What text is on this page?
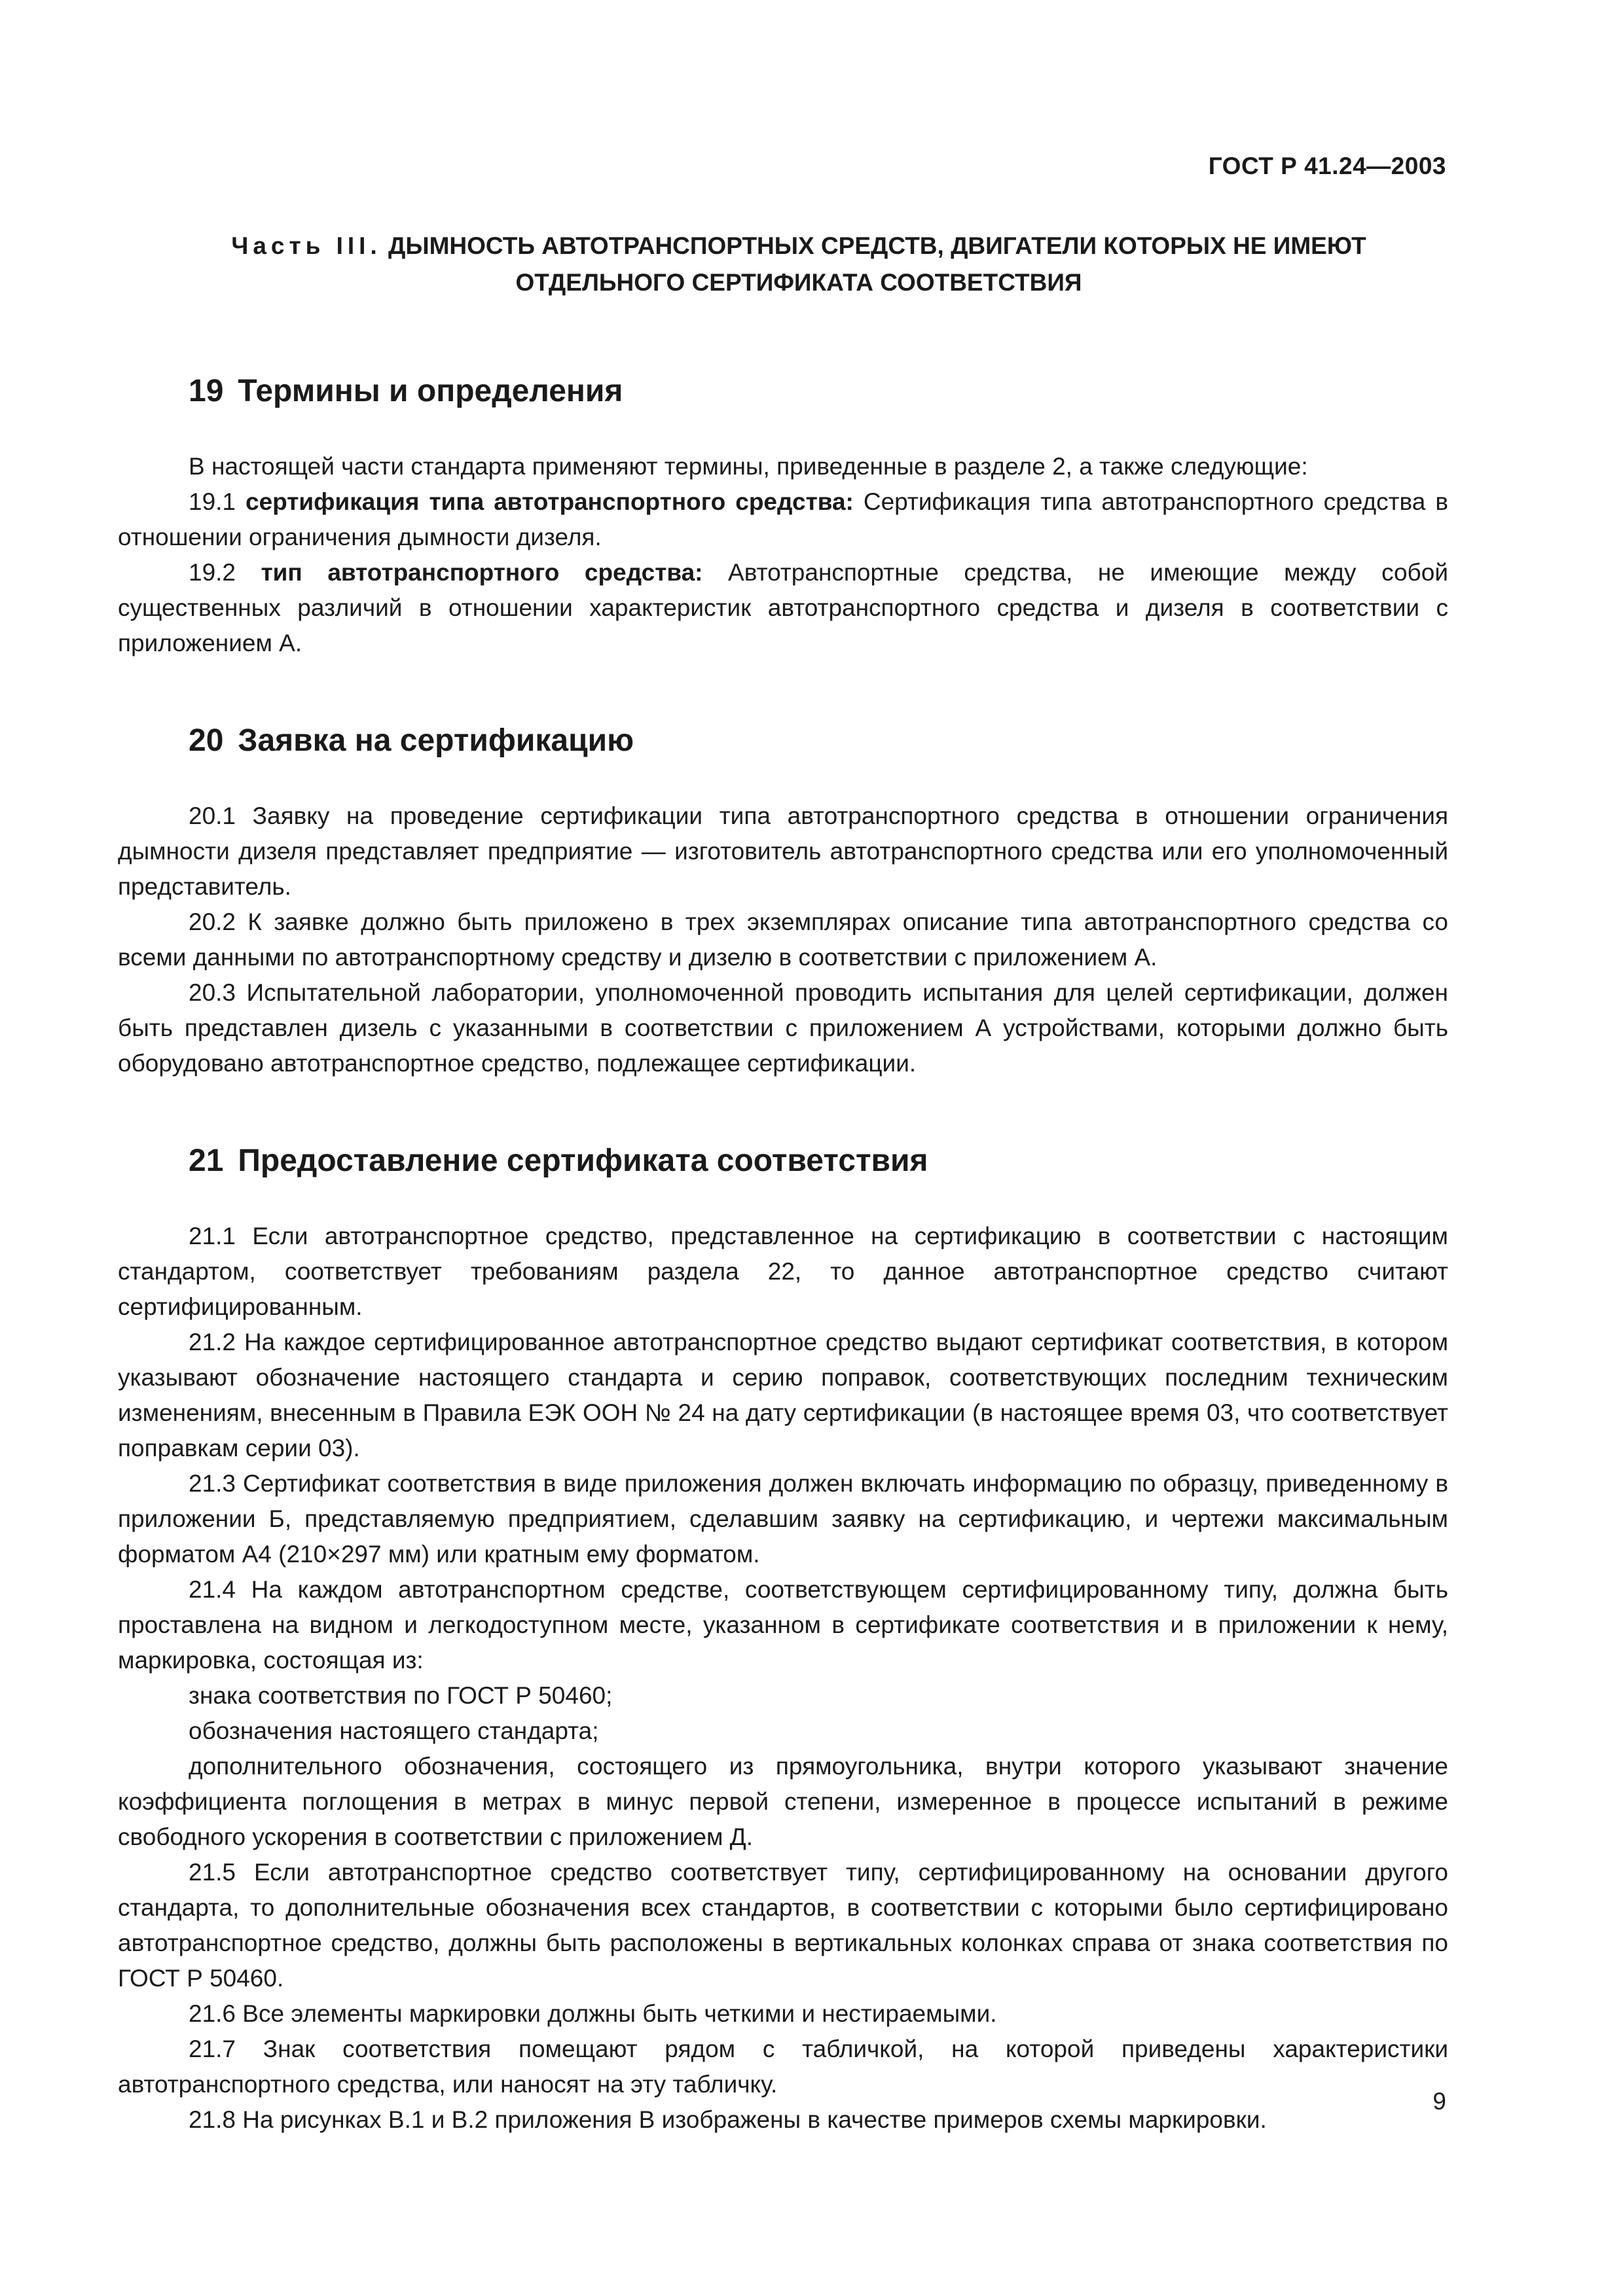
ГОСТ Р 41.24—2003
Часть III. ДЫМНОСТЬ АВТОТРАНСПОРТНЫХ СРЕДСТВ, ДВИГАТЕЛИ КОТОРЫХ НЕ ИМЕЮТ
ОТДЕЛЬНОГО СЕРТИФИКАТА СООТВЕТСТВИЯ
19 Термины и определения

В настоящей части стандарта применяют термины, приведенные в разделе 2, а также следующие:

19.1 сертификация типа автотранспортного средства: Сертификация типа автотранспортного средства в отношении ограничения дымности дизеля.

19.2 тип автотранспортного средства: Автотранспортные средства, не имеющие между собой существенных различий в отношении характеристик автотранспортного средства и дизеля в соответствии с приложением А.

20 Заявка на сертификацию

20.1 Заявку на проведение сертификации типа автотранспортного средства в отношении ограничения дымности дизеля представляет предприятие — изготовитель автотранспортного средства или его уполномоченный представитель.

20.2 К заявке должно быть приложено в трех экземплярах описание типа автотранспортного средства со всеми данными по автотранспортному средству и дизелю в соответствии с приложением А.

20.3 Испытательной лаборатории, уполномоченной проводить испытания для целей сертификации, должен быть представлен дизель с указанными в соответствии с приложением А устройствами, которыми должно быть оборудовано автотранспортное средство, подлежащее сертификации.

21 Предоставление сертификата соответствия

21.1 Если автотранспортное средство, представленное на сертификацию в соответствии с настоящим стандартом, соответствует требованиям раздела 22, то данное автотранспортное средство считают сертифицированным.

21.2 На каждое сертифицированное автотранспортное средство выдают сертификат соответствия, в котором указывают обозначение настоящего стандарта и серию поправок, соответствующих последним техническим изменениям, внесенным в Правила ЕЭК ООН № 24 на дату сертификации (в настоящее время 03, что соответствует поправкам серии 03).

21.3 Сертификат соответствия в виде приложения должен включать информацию по образцу, приведенному в приложении Б, представляемую предприятием, сделавшим заявку на сертификацию, и чертежи максимальным форматом А4 (210×297 мм) или кратным ему форматом.

21.4 На каждом автотранспортном средстве, соответствующем сертифицированному типу, должна быть проставлена на видном и легкодоступном месте, указанном в сертификате соответствия и в приложении к нему, маркировка, состоящая из:

знака соответствия по ГОСТ Р 50460;

обозначения настоящего стандарта;

дополнительного обозначения, состоящего из прямоугольника, внутри которого указывают значение коэффициента поглощения в метрах в минус первой степени, измеренное в процессе испытаний в режиме свободного ускорения в соответствии с приложением Д.

21.5 Если автотранспортное средство соответствует типу, сертифицированному на основании другого стандарта, то дополнительные обозначения всех стандартов, в соответствии с которыми было сертифицировано автотранспортное средство, должны быть расположены в вертикальных колонках справа от знака соответствия по ГОСТ Р 50460.

21.6 Все элементы маркировки должны быть четкими и нестираемыми.

21.7 Знак соответствия помещают рядом с табличкой, на которой приведены характеристики автотранспортного средства, или наносят на эту табличку.

21.8 На рисунках В.1 и В.2 приложения В изображены в качестве примеров схемы маркировки.

9
